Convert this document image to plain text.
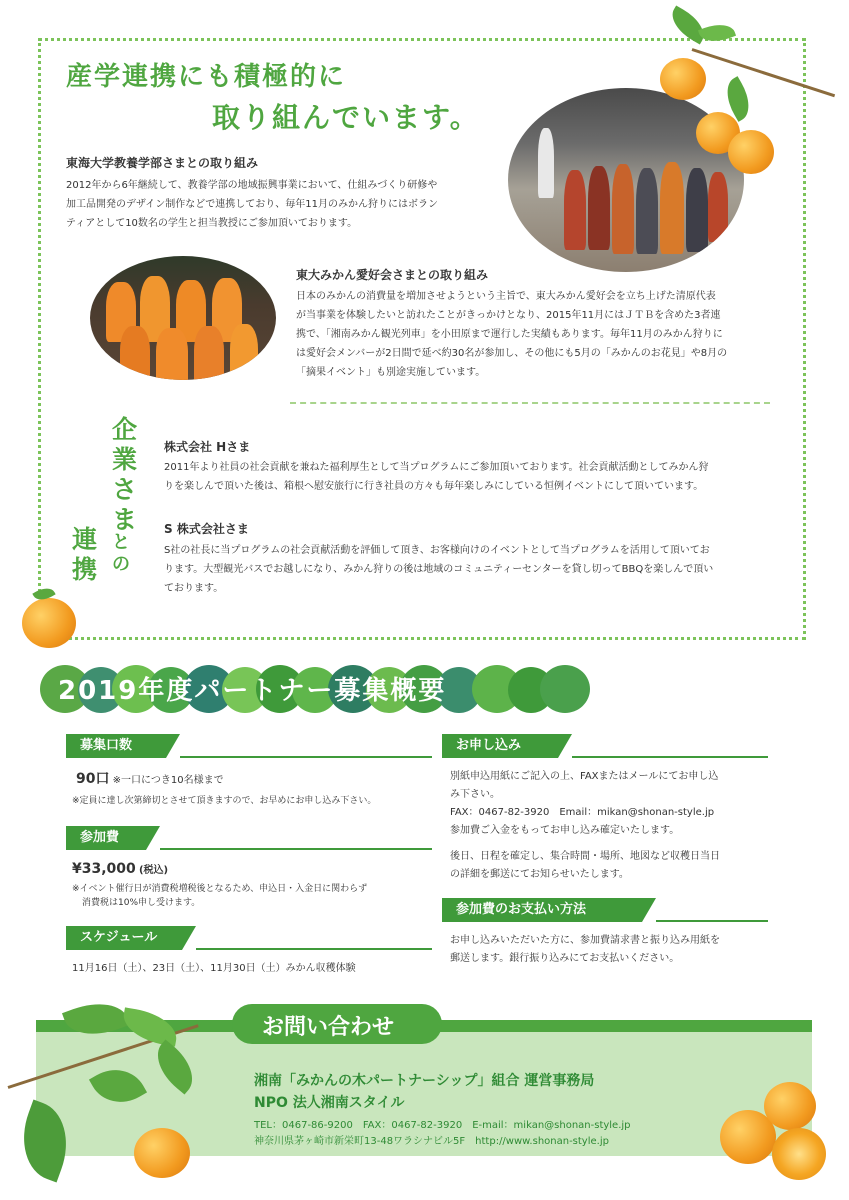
産学連携にも積極的に
取り組んでいます。
東海大学教養学部さまとの取り組み
2012年から6年継続して、教養学部の地域振興事業において、仕組みづくり研修や
加工品開発のデザイン制作などで連携しており、毎年11月のみかん狩りにはボラン
ティアとして10数名の学生と担当教授にご参加頂いております。
東大みかん愛好会さまとの取り組み
日本のみかんの消費量を増加させようという主旨で、東大みかん愛好会を立ち上げた清原代表
が当事業を体験したいと訪れたことがきっかけとなり、2015年11月にはＪＴＢを含めた3者連
携で、「湘南みかん観光列車」を小田原まで運行した実績もあります。毎年11月のみかん狩りに
は愛好会メンバーが2日間で延べ約30名が参加し、その他にも5月の「みかんのお花見」や8月の
「摘果イベント」も別途実施しています。
企
業
さ
ま
と
の
連
携
株式会社 Hさま
2011年より社員の社会貢献を兼ねた福利厚生として当プログラムにご参加頂いております。社会貢献活動としてみかん狩
りを楽しんで頂いた後は、箱根へ慰安旅行に行き社員の方々も毎年楽しみにしている恒例イベントにして頂いています。
S 株式会社さま
S社の社長に当プログラムの社会貢献活動を評価して頂き、お客様向けのイベントとして当プログラムを活用して頂いてお
ります。大型観光バスでお越しになり、みかん狩りの後は地域のコミュニティーセンターを貸し切ってBBQを楽しんで頂い
ております。
2019年度パートナー募集概要
募集口数
90口 ※一口につき10名様まで
※定員に達し次第締切とさせて頂きますので、お早めにお申し込み下さい。
参加費
¥33,000 (税込)
※イベント催行日が消費税増税後となるため、申込日・入金日に関わらず
消費税は10%申し受けます。
スケジュール
11月16日（土）、23日（土）、11月30日（土）みかん収穫体験
お申し込み
別紙申込用紙にご記入の上、FAXまたはメールにてお申し込
み下さい。
FAX：0467-82-3920　Email：mikan@shonan-style.jp
参加費ご入金をもってお申し込み確定いたします。
後日、日程を確定し、集合時間・場所、地図など収穫日当日
の詳細を郵送にてお知らせいたします。
参加費のお支払い方法
お申し込みいただいた方に、参加費請求書と振り込み用紙を
郵送します。銀行振り込みにてお支払いください。
お問い合わせ
湘南「みかんの木パートナーシップ」組合 運営事務局
NPO 法人湘南スタイル
TEL：0467-86-9200　FAX：0467-82-3920　E-mail：mikan@shonan-style.jp
神奈川県茅ヶ崎市新栄町13-48ワラシナビル5F　http://www.shonan-style.jp
